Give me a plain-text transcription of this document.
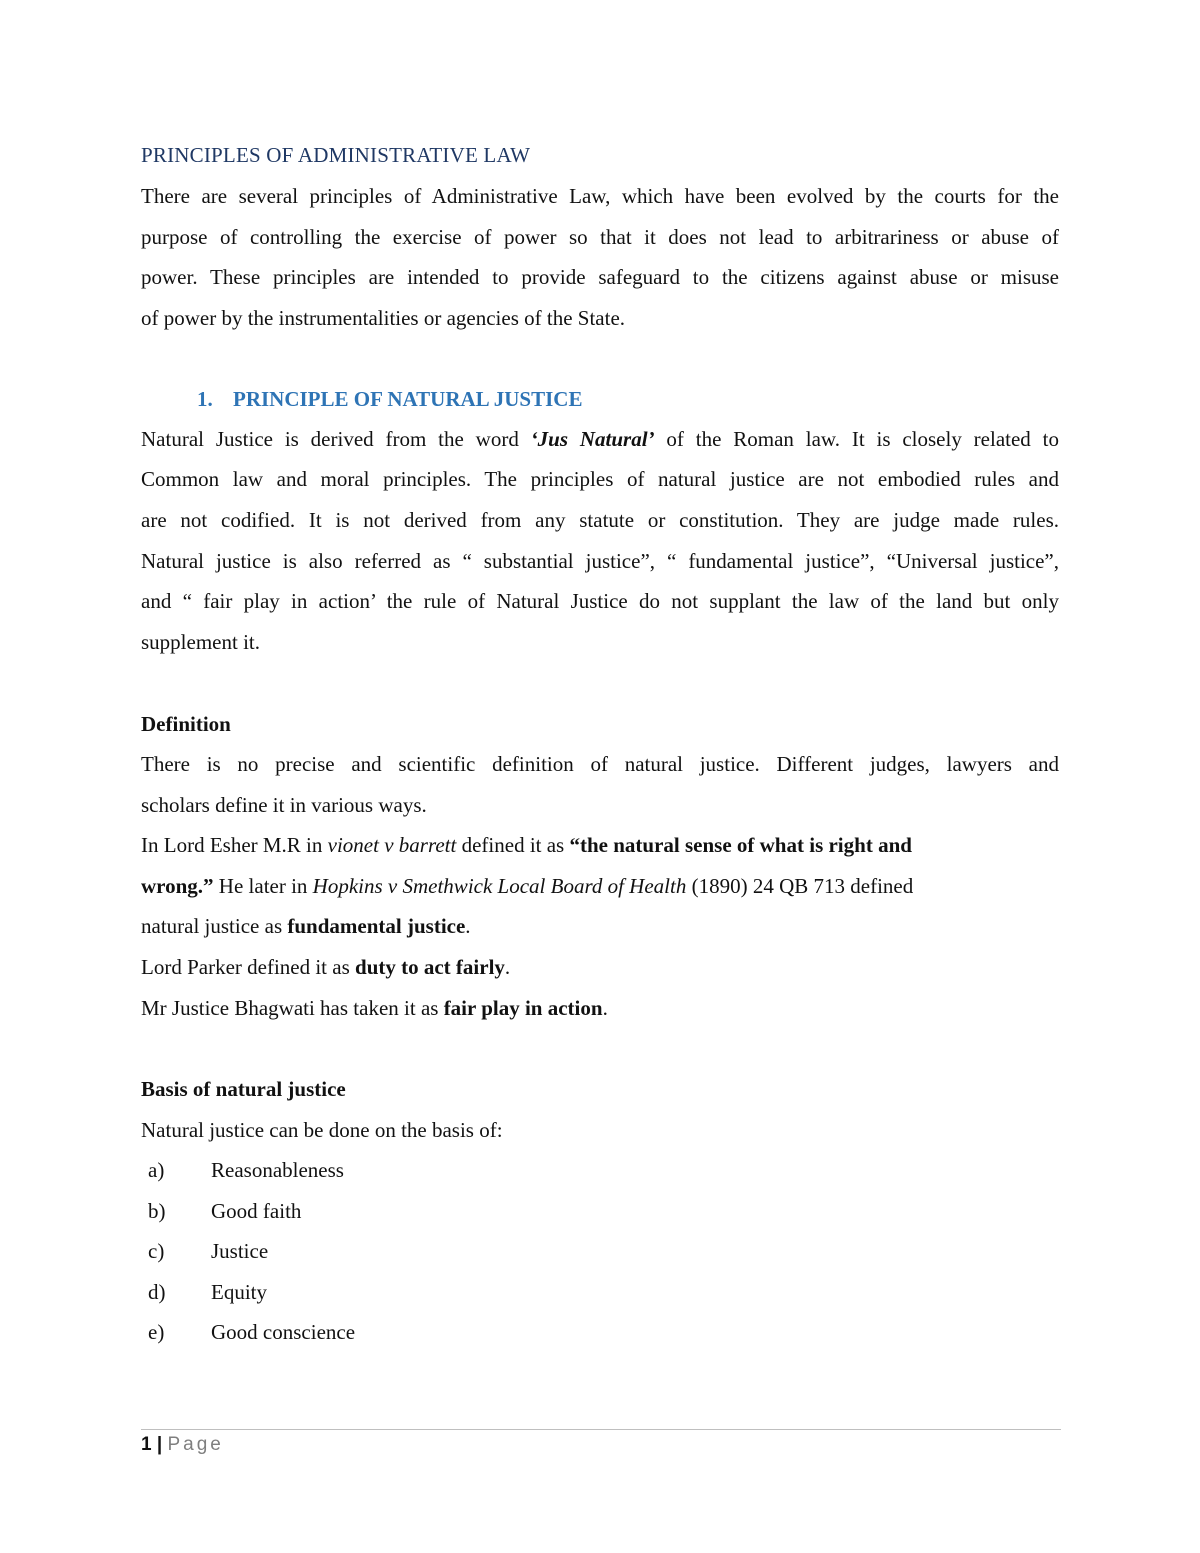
PRINCIPLES OF ADMINISTRATIVE LAW
There are several principles of Administrative Law, which have been evolved by the courts for the
purpose of controlling the exercise of power so that it does not lead to arbitrariness or abuse of
power. These principles are intended to provide safeguard to the citizens against abuse or misuse
of power by the instrumentalities or agencies of the State.
1. PRINCIPLE OF NATURAL JUSTICE
Natural Justice is derived from the word ‘Jus Natural’ of the Roman law. It is closely related to
Common law and moral principles. The principles of natural justice are not embodied rules and
are not codified. It is not derived from any statute or constitution. They are judge made rules.
Natural justice is also referred as “ substantial justice”, “ fundamental justice”, “Universal justice”,
and “ fair play in action’ the rule of Natural Justice do not supplant the law of the land but only
supplement it.
Definition
There is no precise and scientific definition of natural justice. Different judges, lawyers and
scholars define it in various ways.
In Lord Esher M.R in vionet v barrett defined it as “the natural sense of what is right and
wrong.” He later in Hopkins v Smethwick Local Board of Health (1890) 24 QB 713 defined
natural justice as fundamental justice.
Lord Parker defined it as duty to act fairly.
Mr Justice Bhagwati has taken it as fair play in action.
Basis of natural justice
Natural justice can be done on the basis of:
a) Reasonableness
b) Good faith
c) Justice
d) Equity
e) Good conscience
1 | Page
